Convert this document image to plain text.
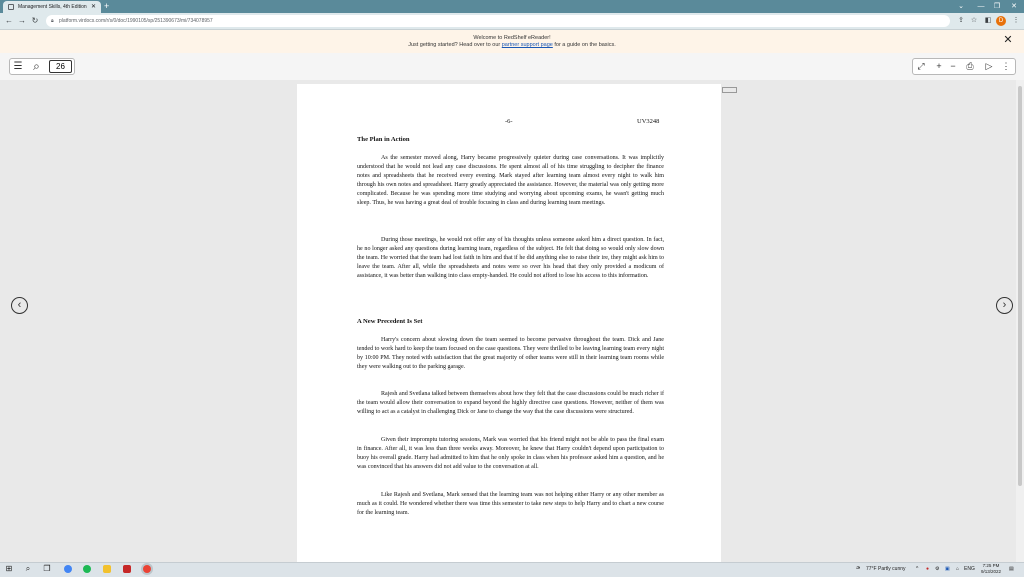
Management Skills, 4th Edition ✕ +	⌄	—	❐	✕
← → ↻	🔒︎ platform.virdocs.com/r/s/0/doc/1990105/sp/251390673/mi/734078957	⇪ ☆	◧	D	⋮
Welcome to RedShelf eReader!
Just getting started? Head over to our partner support page for a guide on the basics.	✕
☰ ⌕	26	⤢	+ −	⎙	▷	⋮
‹	›
-6-	UV3248
The Plan in Action

As the semester moved along, Harry became progressively quieter during case conversations. It was implicitly understood that he would not lead any case discussions. He spent almost all of his time struggling to decipher the finance notes and spreadsheets that he received every evening. Mark stayed after learning team almost every night to walk him through his own notes and spreadsheet. Harry greatly appreciated the assistance. However, the material was only getting more complicated. Because he was spending more time studying and worrying about upcoming exams, he wasn't getting much sleep. Thus, he was having a great deal of trouble focusing in class and during learning team meetings.

During those meetings, he would not offer any of his thoughts unless someone asked him a direct question. In fact, he no longer asked any questions during learning team, regardless of the subject. He felt that doing so would only slow down the team. He worried that the team had lost faith in him and that if he did anything else to raise their ire, they might ask him to leave the team. After all, while the spreadsheets and notes were so over his head that they only provided a modicum of assistance, it was better than walking into class empty-handed. He could not afford to lose his access to this information.

A New Precedent Is Set

Harry's concern about slowing down the team seemed to become pervasive throughout the team. Dick and Jane tended to work hard to keep the team focused on the case questions. They were thrilled to be leaving learning team every night by 10:00 PM. They noted with satisfaction that the great majority of other teams were still in their learning team rooms while they were walking out to the parking garage.

Rajesh and Svetlana talked between themselves about how they felt that the case discussions could be much richer if the team would allow their conversation to expand beyond the highly directive case questions. However, neither of them was willing to act as a catalyst in challenging Dick or Jane to change the way that the case discussions were structured.

Given their impromptu tutoring sessions, Mark was worried that his friend might not be able to pass the final exam in finance. After all, it was less than three weeks away. Moreover, he knew that Harry couldn't depend upon participation to buoy his overall grade. Harry had admitted to him that he only spoke in class when his professor asked him a question, and he was convinced that his answers did not add value to the conversation at all.

Like Rajesh and Svetlana, Mark sensed that the learning team was not helping either Harry or any other member as much as it could. He wondered whether there was time this semester to take new steps to help Harry and to chart a new course for the learning team.

⊞	⌕	❐	⛅︎ 77°F Partly cunny ^ ● ⚙ ▣ ⌂ ENG
7:25 PM
9/13/2022	▤
